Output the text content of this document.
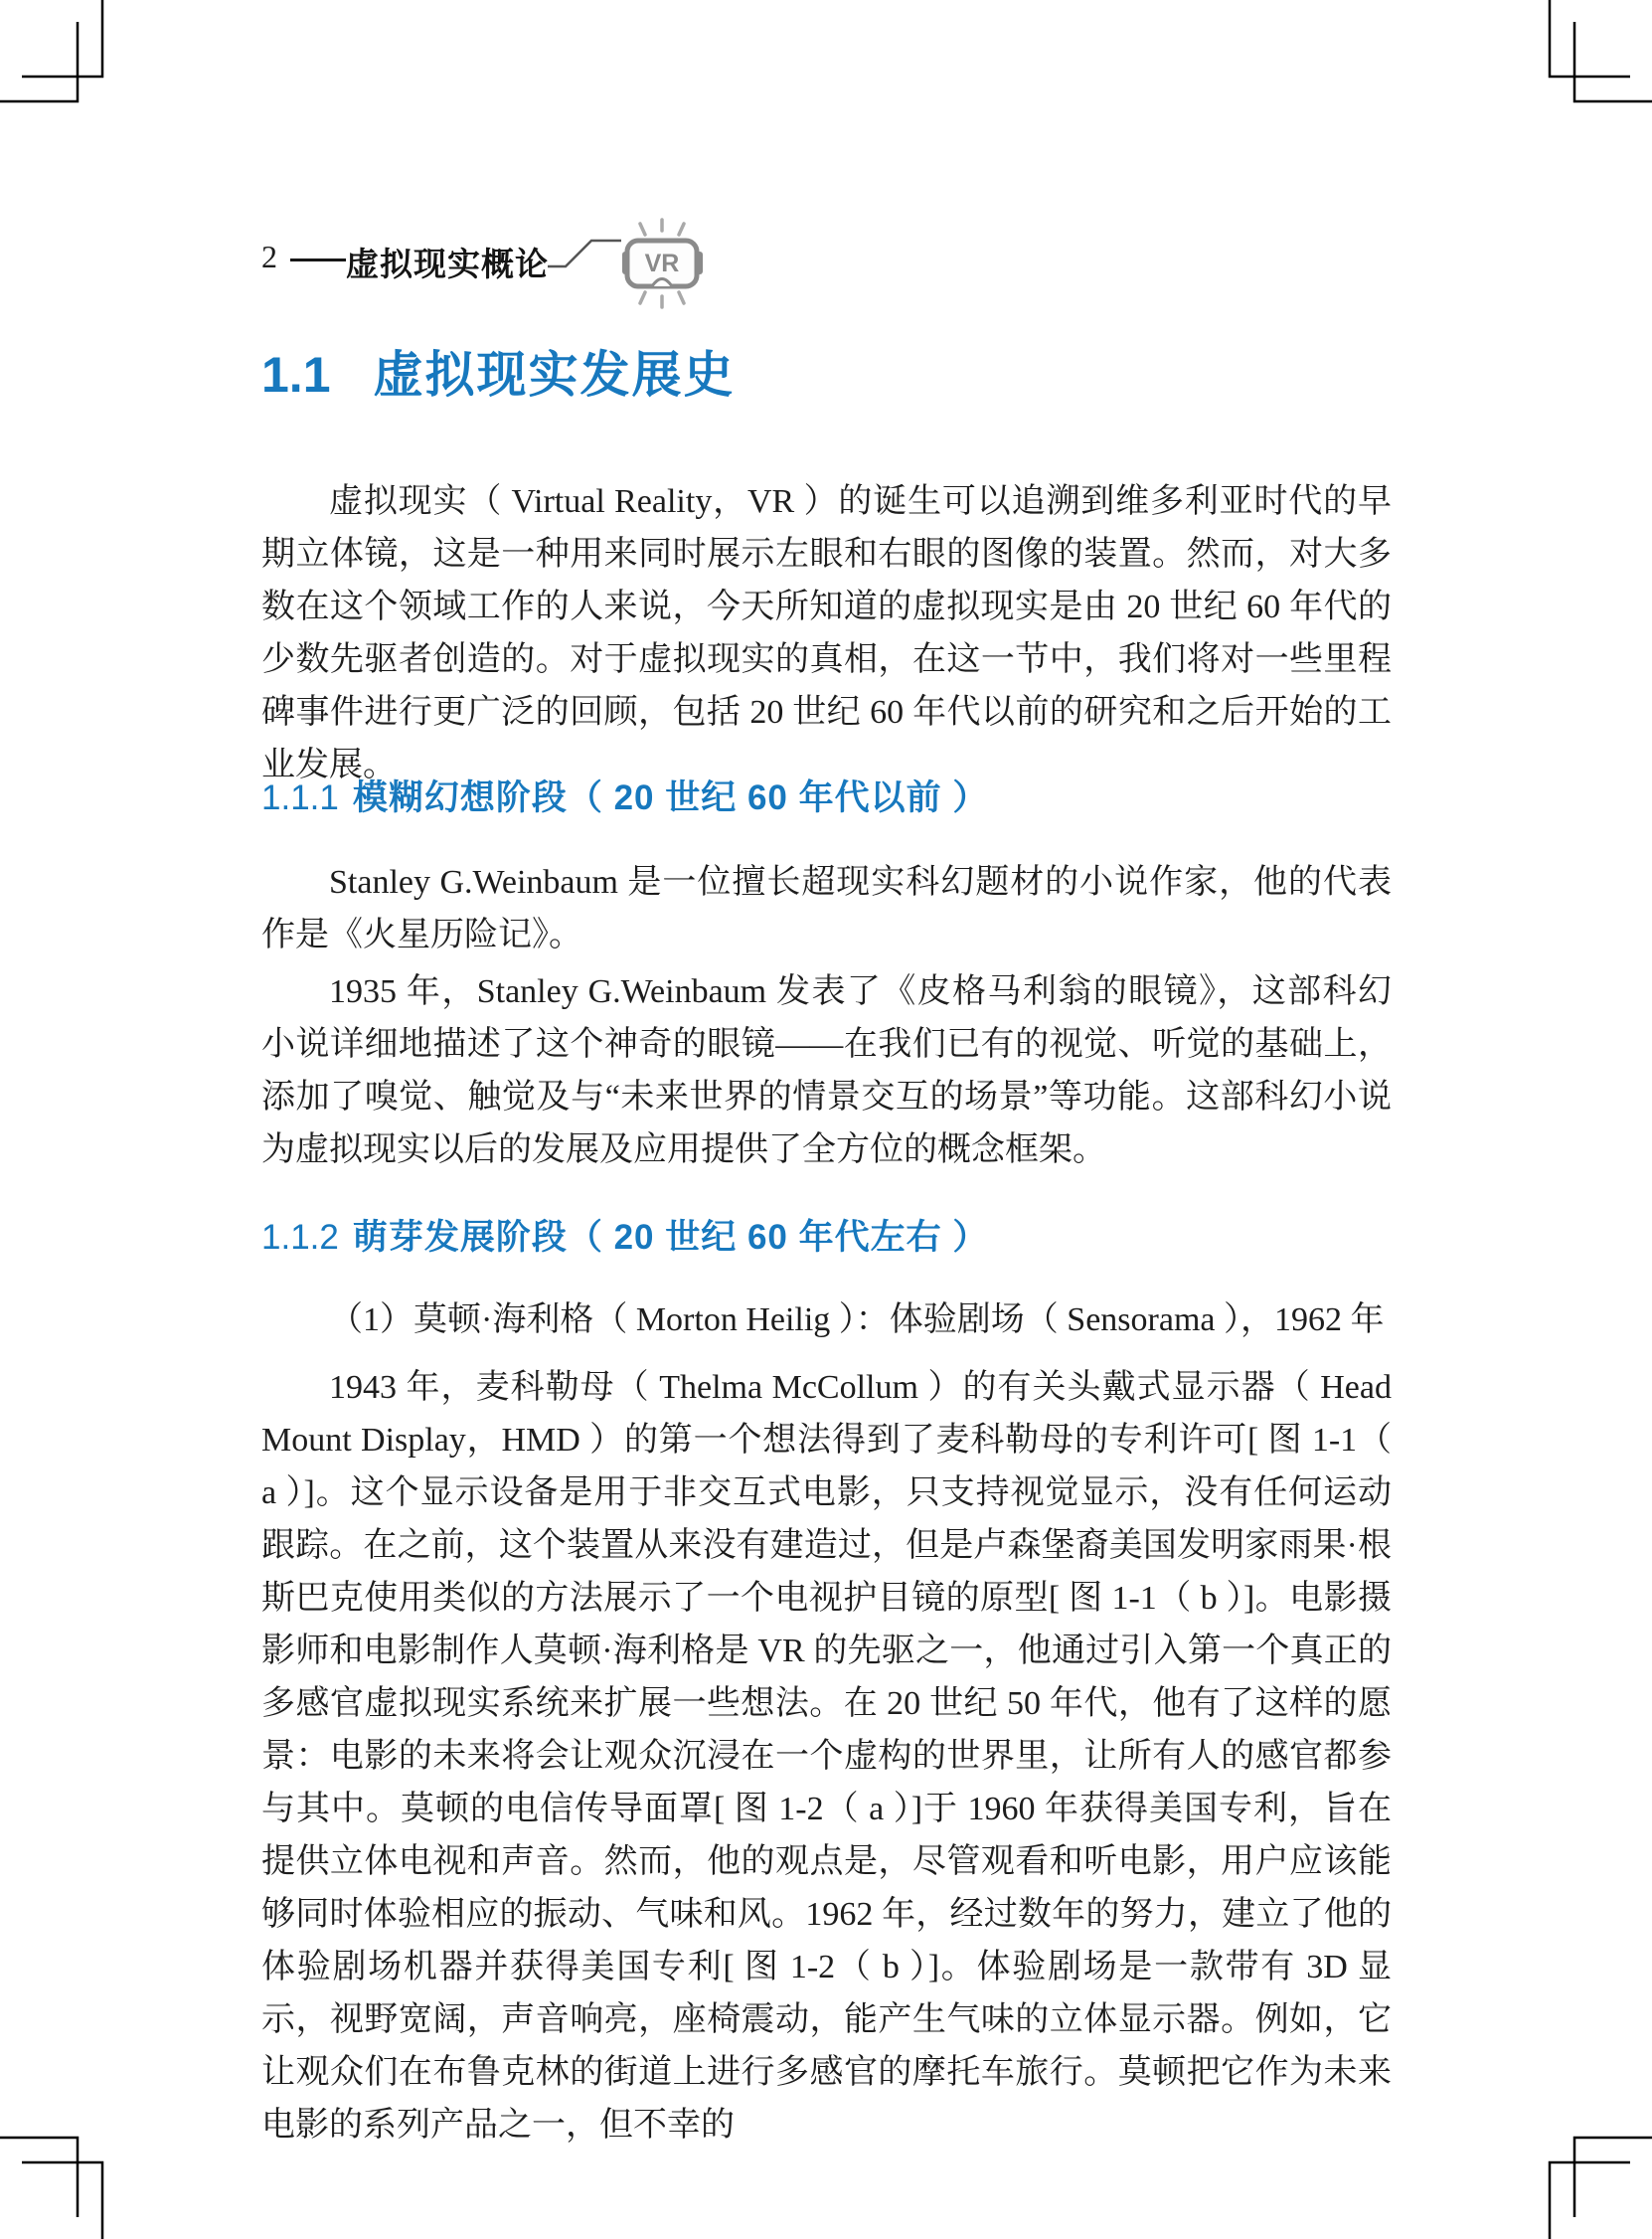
2 虚拟现实概论	VR
1.1 虚拟现实发展史

虚拟现实（ Virtual Reality，VR ）的诞生可以追溯到维多利亚时代的早期立体镜，这是一种用来同时展示左眼和右眼的图像的装置。然而，对大多数在这个领域工作的人来说，今天所知道的虚拟现实是由 20 世纪 60 年代的少数先驱者创造的。对于虚拟现实的真相，在这一节中，我们将对一些里程碑事件进行更广泛的回顾，包括 20 世纪 60 年代以前的研究和之后开始的工业发展。

1.1.1 模糊幻想阶段（ 20 世纪 60 年代以前 ）

Stanley G.Weinbaum 是一位擅长超现实科幻题材的小说作家，他的代表作是《火星历险记》。

1935 年，Stanley G.Weinbaum 发表了《皮格马利翁的眼镜》，这部科幻小说详细地描述了这个神奇的眼镜——在我们已有的视觉、听觉的基础上，添加了嗅觉、触觉及与“未来世界的情景交互的场景”等功能。这部科幻小说为虚拟现实以后的发展及应用提供了全方位的概念框架。

1.1.2 萌芽发展阶段（ 20 世纪 60 年代左右 ）

（1）莫顿·海利格（ Morton Heilig ）：体验剧场（ Sensorama ），1962 年

1943 年，麦科勒母（ Thelma McCollum ）的有关头戴式显示器（ Head Mount Display，HMD ）的第一个想法得到了麦科勒母的专利许可[ 图 1-1（ a ）]。这个显示设备是用于非交互式电影，只支持视觉显示，没有任何运动跟踪。在之前，这个装置从来没有建造过，但是卢森堡裔美国发明家雨果·根斯巴克使用类似的方法展示了一个电视护目镜的原型[ 图 1-1（ b ）]。电影摄影师和电影制作人莫顿·海利格是 VR 的先驱之一，他通过引入第一个真正的多感官虚拟现实系统来扩展一些想法。在 20 世纪 50 年代，他有了这样的愿景：电影的未来将会让观众沉浸在一个虚构的世界里，让所有人的感官都参与其中。莫顿的电信传导面罩[ 图 1-2（ a ）]于 1960 年获得美国专利，旨在提供立体电视和声音。然而，他的观点是，尽管观看和听电影，用户应该能够同时体验相应的振动、气味和风。1962 年，经过数年的努力，建立了他的体验剧场机器并获得美国专利[ 图 1-2（ b ）]。体验剧场是一款带有 3D 显示，视野宽阔，声音响亮，座椅震动，能产生气味的立体显示器。例如，它让观众们在布鲁克林的街道上进行多感官的摩托车旅行。莫顿把它作为未来电影的系列产品之一，但不幸的
